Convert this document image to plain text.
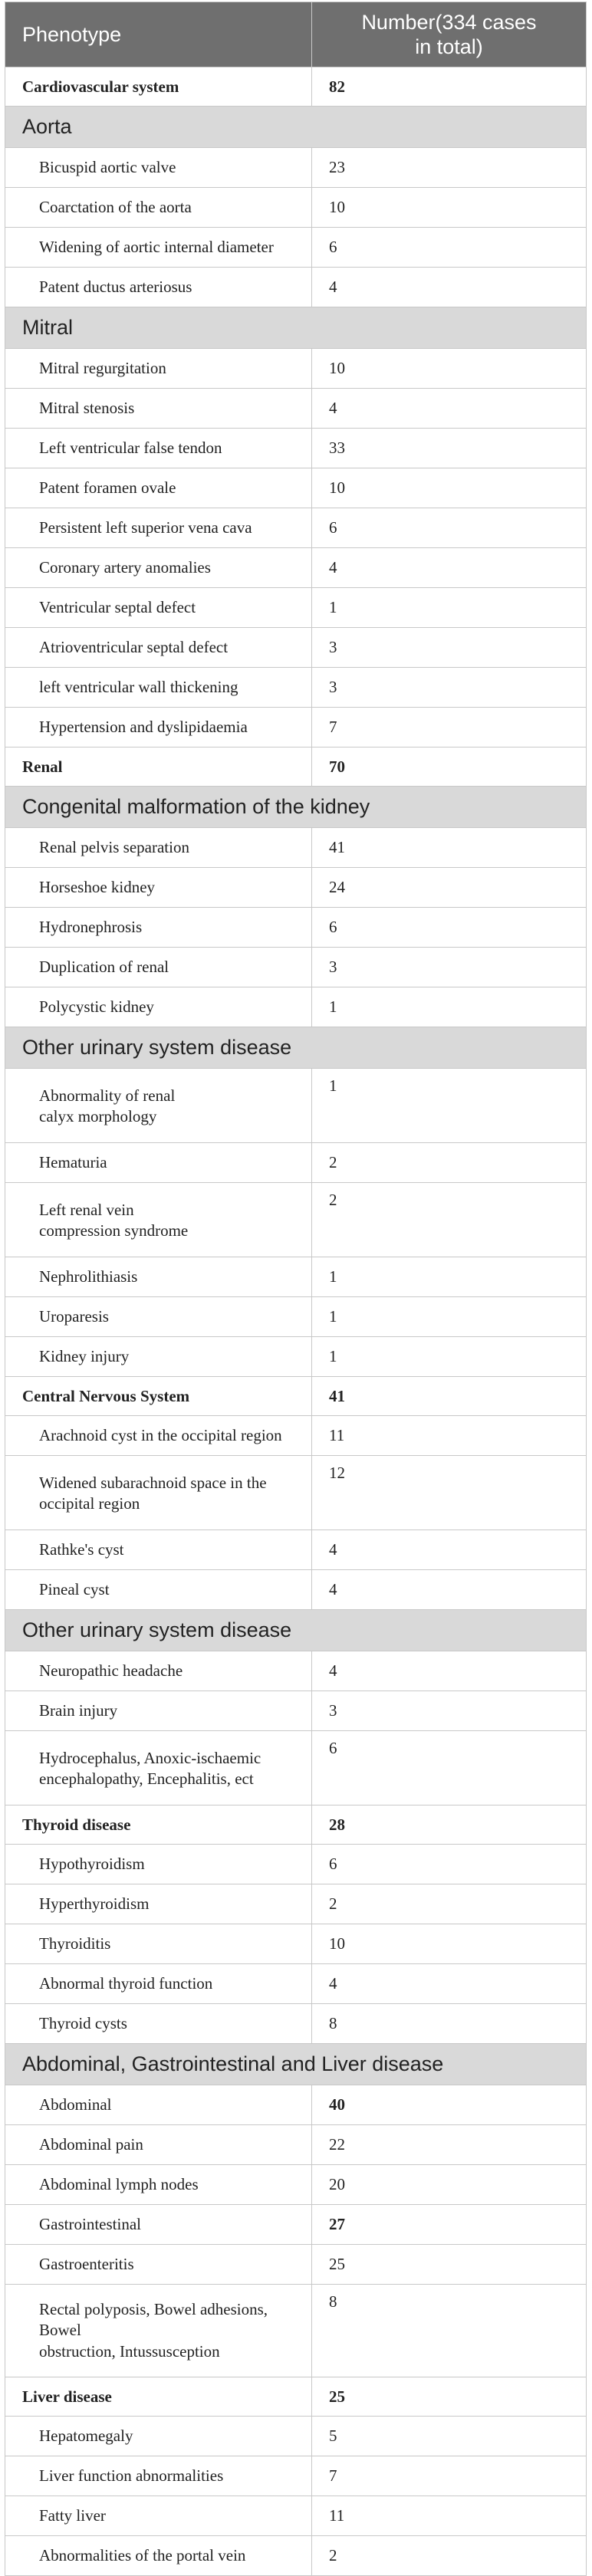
Phenotype	Number(334 cases
in total)

Cardiovascular system	82
Aorta	
Bicuspid aortic valve	23
Coarctation of the aorta	10
Widening of aortic internal diameter	6
Patent ductus arteriosus	4
Mitral	
Mitral regurgitation	10
Mitral stenosis	4
Left ventricular false tendon	33
Patent foramen ovale	10
Persistent left superior vena cava	6
Coronary artery anomalies	4
Ventricular septal defect	1
Atrioventricular septal defect	3
left ventricular wall thickening	3
Hypertension and dyslipidaemia	7
Renal	70
Congenital malformation of the kidney	
Renal pelvis separation	41
Horseshoe kidney	24
Hydronephrosis	6
Duplication of renal	3
Polycystic kidney	1
Other urinary system disease	

Abnormality of renal
calyx morphology	1
Hematuria	2

Left renal vein
compression syndrome	2
Nephrolithiasis	1
Uroparesis	1
Kidney injury	1
Central Nervous System	41
Arachnoid cyst in the occipital region	11

Widened subarachnoid space in the
occipital region	12
Rathke's cyst	4
Pineal cyst	4
Other urinary system disease	
Neuropathic headache	4
Brain injury	3

Hydrocephalus, Anoxic-ischaemic
encephalopathy, Encephalitis, ect	6
Thyroid disease	28
Hypothyroidism	6
Hyperthyroidism	2
Thyroiditis	10
Abnormal thyroid function	4
Thyroid cysts	8
Abdominal, Gastrointestinal and Liver disease	
Abdominal	40
Abdominal pain	22
Abdominal lymph nodes	20
Gastrointestinal	27
Gastroenteritis	25

Rectal polyposis, Bowel adhesions,
Bowel
obstruction, Intussusception	8
Liver disease	25
Hepatomegaly	5
Liver function abnormalities	7
Fatty liver	11
Abnormalities of the portal vein	2
